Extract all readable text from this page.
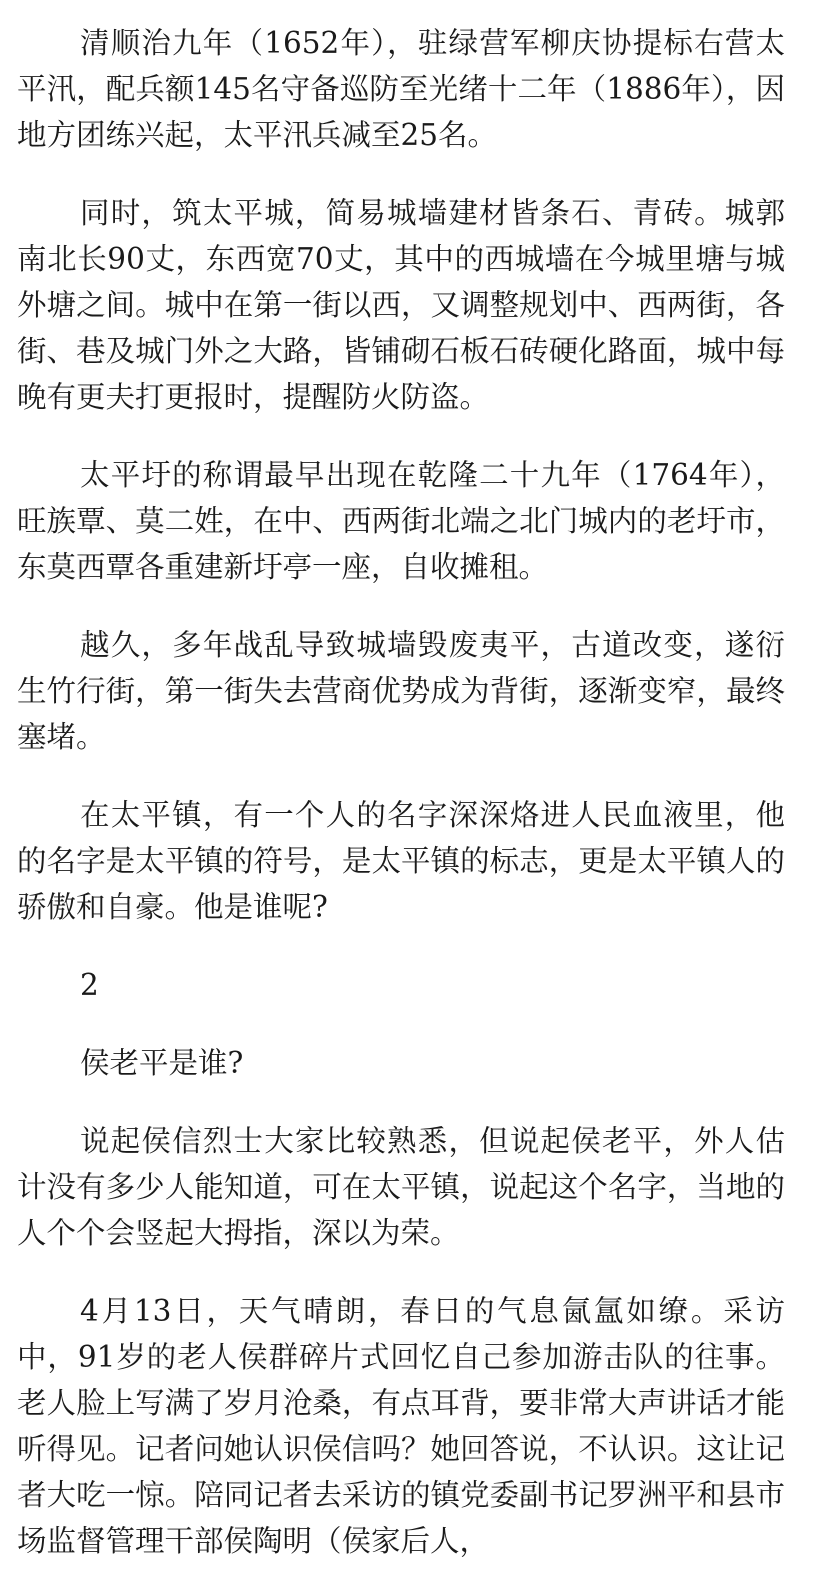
清顺治九年（1652年），驻绿营军柳庆协提标右营太平汛，配兵额145名守备巡防至光绪十二年（1886年），因地方团练兴起，太平汛兵减至25名。

同时，筑太平城，简易城墙建材皆条石、青砖。城郭南北长90丈，东西宽70丈，其中的西城墙在今城里塘与城外塘之间。城中在第一街以西，又调整规划中、西两街，各街、巷及城门外之大路，皆铺砌石板石砖硬化路面，城中每晚有更夫打更报时，提醒防火防盗。

太平圩的称谓最早出现在乾隆二十九年（1764年），旺族覃、莫二姓，在中、西两街北端之北门城内的老圩市，东莫西覃各重建新圩亭一座，自收摊租。

越久，多年战乱导致城墙毁废夷平，古道改变，遂衍生竹行街，第一街失去营商优势成为背街，逐渐变窄，最终塞堵。

在太平镇，有一个人的名字深深烙进人民血液里，他的名字是太平镇的符号，是太平镇的标志，更是太平镇人的骄傲和自豪。他是谁呢?

2

侯老平是谁?

说起侯信烈士大家比较熟悉，但说起侯老平，外人估计没有多少人能知道，可在太平镇，说起这个名字，当地的人个个会竖起大拇指，深以为荣。

4月13日，天气晴朗，春日的气息氤氲如缭。采访中，91岁的老人侯群碎片式回忆自己参加游击队的往事。老人脸上写满了岁月沧桑，有点耳背，要非常大声讲话才能听得见。记者问她认识侯信吗？她回答说，不认识。这让记者大吃一惊。陪同记者去采访的镇党委副书记罗洲平和县市场监督管理干部侯陶明（侯家后人，
